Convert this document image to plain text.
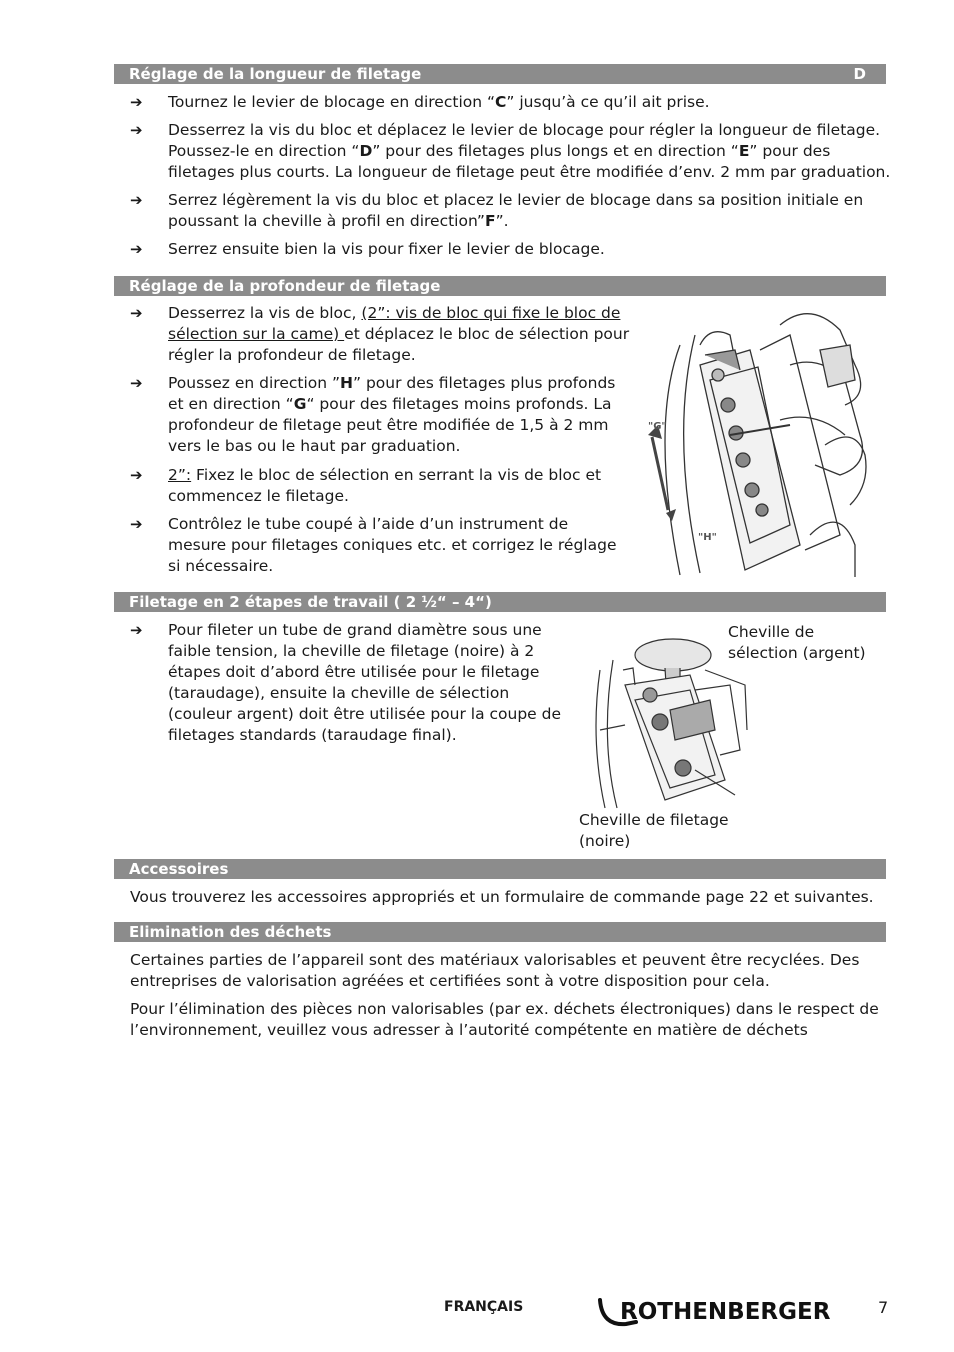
Réglage de la longueur de filetage	D
➔	Tournez le levier de blocage en direction “C” jusqu’à ce qu’il ait prise.
➔	Desserrez la vis du bloc et déplacez le levier de blocage pour régler la longueur de filetage.
Poussez-le en direction “D” pour des filetages plus longs et en direction “E” pour des
filetages plus courts. La longueur de filetage peut être modifiée d’env. 2 mm par graduation.
➔	Serrez légèrement la vis du bloc et placez le levier de blocage dans sa position initiale en
poussant la cheville à profil en direction”F”.
➔	Serrez ensuite bien la vis pour fixer le levier de blocage.
Réglage de la profondeur de filetage
➔	Desserrez la vis de bloc, (2”: vis de bloc qui fixe le bloc de
sélection sur la came) et déplacez le bloc de sélection pour
régler la profondeur de filetage.
➔	Poussez en direction ”H” pour des filetages plus profonds
et en direction “G“ pour des filetages moins profonds. La
profondeur de filetage peut être modifiée de 1,5 à 2 mm
vers le bas ou le haut par graduation.
➔	2”: Fixez le bloc de sélection en serrant la vis de bloc et
commencez le filetage.
➔	Contrôlez le tube coupé à l’aide d’un instrument de
mesure pour filetages coniques etc. et corrigez le réglage
si nécessaire.
"G"
"H"
Filetage en 2 étapes de travail ( 2 ½“ – 4“)
➔	Pour fileter un tube de grand diamètre sous une
faible tension, la cheville de filetage (noire) à 2
étapes doit d’abord être utilisée pour le filetage
(taraudage), ensuite la cheville de sélection
(couleur argent) doit être utilisée pour la coupe de
filetages standards (taraudage final).
Cheville de
sélection (argent)
Cheville de filetage
(noire)
Accessoires
Vous trouverez les accessoires appropriés et un formulaire de commande page 22 et suivantes.
Elimination des déchets
Certaines parties de l’appareil sont des matériaux valorisables et peuvent être recyclées. Des
entreprises de valorisation agréées et certifiées sont à votre disposition pour cela.
Pour l’élimination des pièces non valorisables (par ex. déchets électroniques) dans le respect de
l’environnement, veuillez vous adresser à l’autorité compétente en matière de déchets
FRANÇAIS	ROTHENBERGER	7
